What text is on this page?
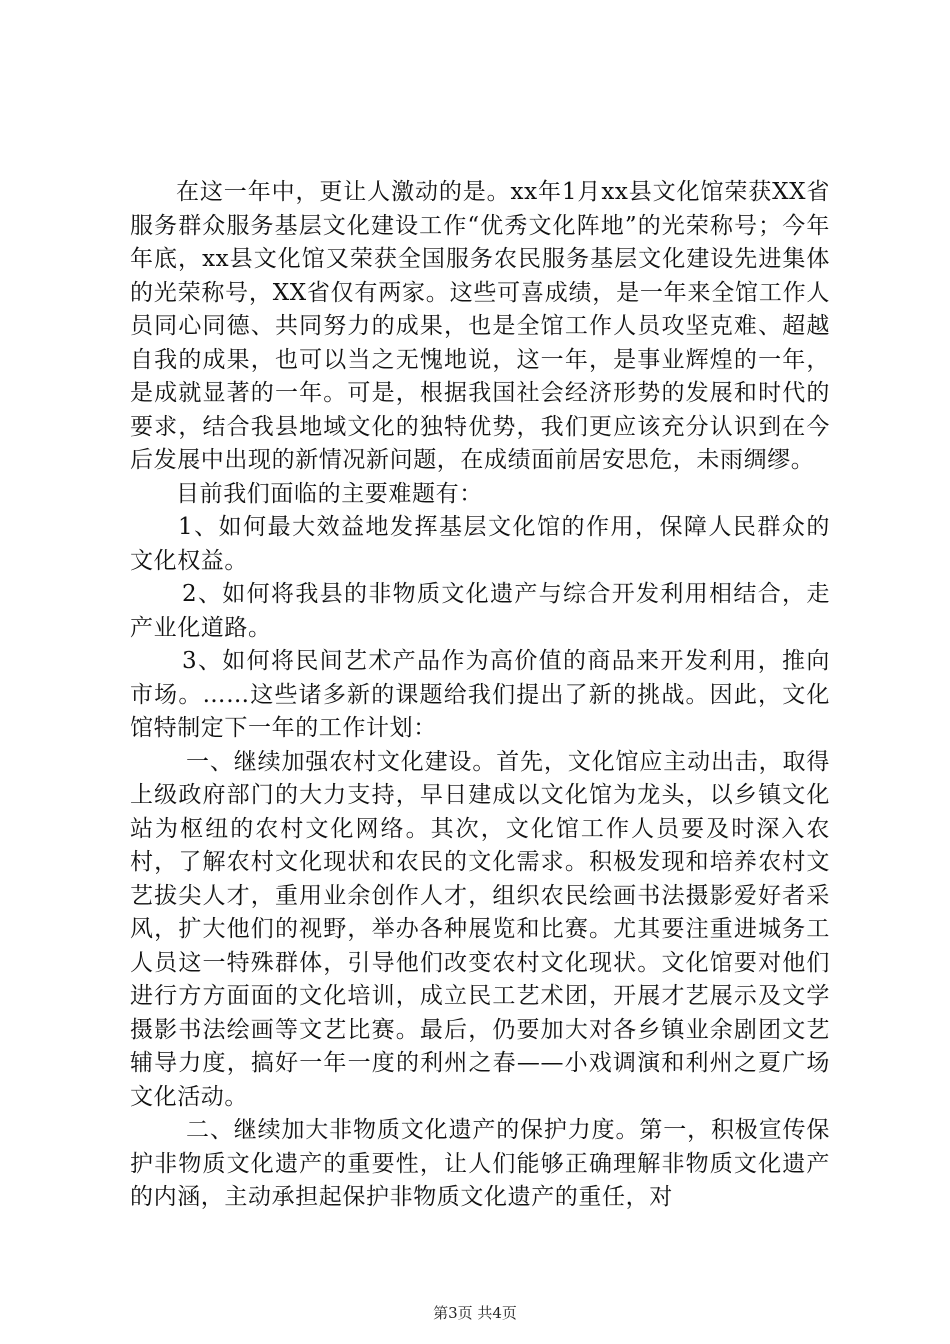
在这一年中，更让人激动的是。xx年1月xx县文化馆荣获XX省服务群众服务基层文化建设工作“优秀文化阵地”的光荣称号；今年年底，xx县文化馆又荣获全国服务农民服务基层文化建设先进集体的光荣称号，XX省仅有两家。这些可喜成绩，是一年来全馆工作人员同心同德、共同努力的成果，也是全馆工作人员攻坚克难、超越自我的成果，也可以当之无愧地说，这一年，是事业辉煌的一年，是成就显著的一年。可是，根据我国社会经济形势的发展和时代的要求，结合我县地域文化的独特优势，我们更应该充分认识到在今后发展中出现的新情况新问题，在成绩面前居安思危，未雨绸缪。

目前我们面临的主要难题有：

1、如何最大效益地发挥基层文化馆的作用，保障人民群众的文化权益。

2、如何将我县的非物质文化遗产与综合开发利用相结合，走产业化道路。

3、如何将民间艺术产品作为高价值的商品来开发利用，推向市场。……这些诸多新的课题给我们提出了新的挑战。因此，文化馆特制定下一年的工作计划：

一、继续加强农村文化建设。首先，文化馆应主动出击，取得上级政府部门的大力支持，早日建成以文化馆为龙头，以乡镇文化站为枢纽的农村文化网络。其次，文化馆工作人员要及时深入农村，了解农村文化现状和农民的文化需求。积极发现和培养农村文艺拔尖人才，重用业余创作人才，组织农民绘画书法摄影爱好者采风，扩大他们的视野，举办各种展览和比赛。尤其要注重进城务工人员这一特殊群体，引导他们改变农村文化现状。文化馆要对他们进行方方面面的文化培训，成立民工艺术团，开展才艺展示及文学摄影书法绘画等文艺比赛。最后，仍要加大对各乡镇业余剧团文艺辅导力度，搞好一年一度的利州之春——小戏调演和利州之夏广场文化活动。

二、继续加大非物质文化遗产的保护力度。第一，积极宣传保护非物质文化遗产的重要性，让人们能够正确理解非物质文化遗产的内涵，主动承担起保护非物质文化遗产的重任，对

第3页 共4页
